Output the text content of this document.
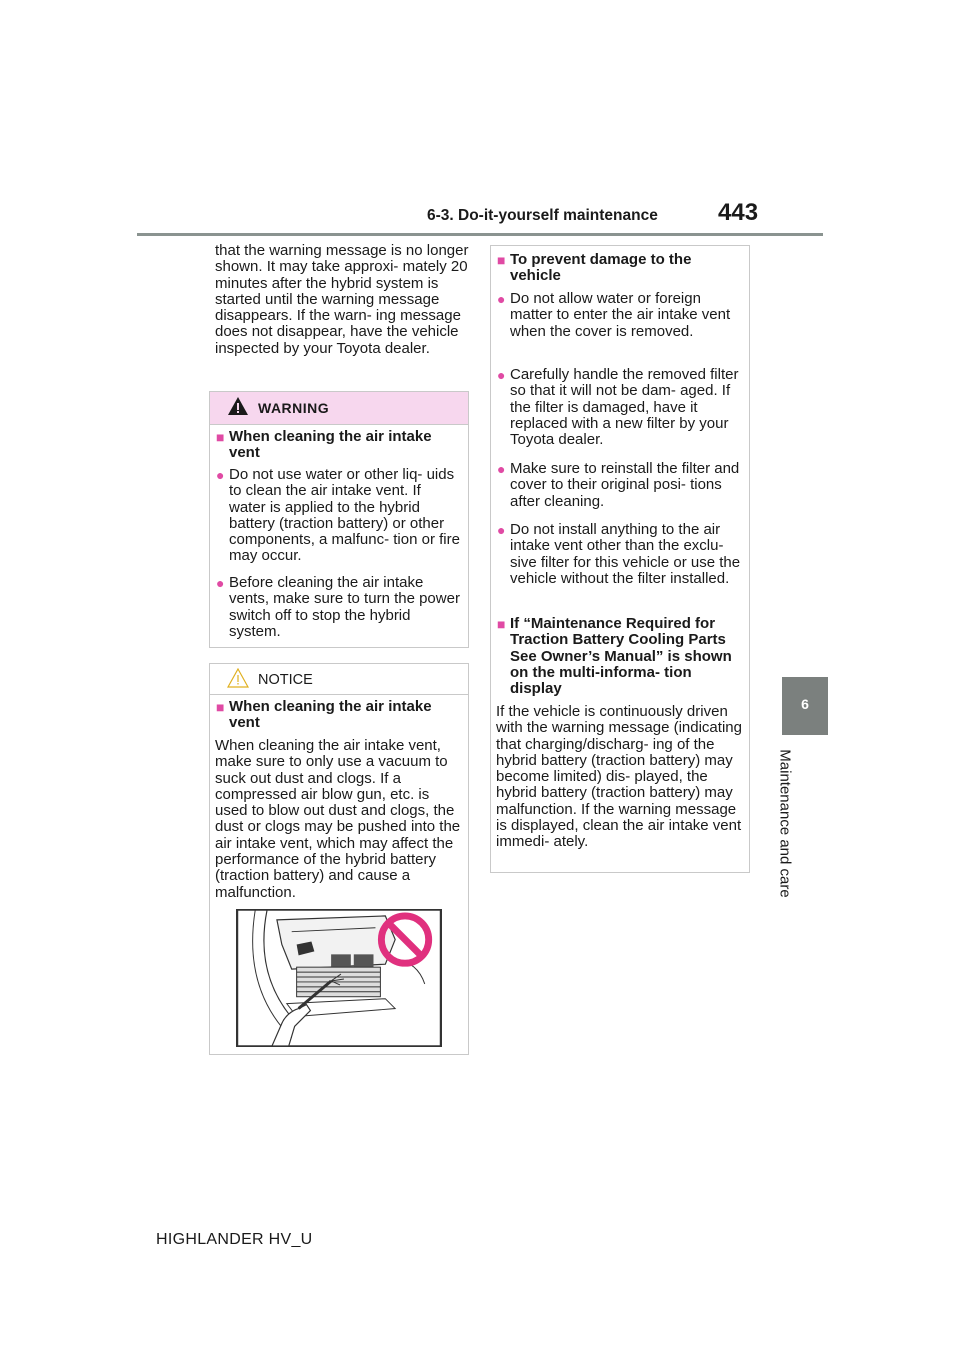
6-3. Do-it-yourself maintenance	443
6
Maintenance and care
that the warning message is no longer shown. It may take approxi- mately 20 minutes after the hybrid system is started until the warning message disappears. If the warn- ing message does not disappear, have the vehicle inspected by your Toyota dealer.
WARNING
■ When cleaning the air intake vent
● Do not use water or other liq- uids to clean the air intake vent. If water is applied to the hybrid battery (traction battery) or other components, a malfunc- tion or fire may occur.
● Before cleaning the air intake vents, make sure to turn the power switch off to stop the hybrid system.
NOTICE
■ When cleaning the air intake vent
When cleaning the air intake vent, make sure to only use a vacuum to suck out dust and clogs. If a compressed air blow gun, etc. is used to blow out dust and clogs, the dust or clogs may be pushed into the air intake vent, which may affect the performance of the hybrid battery (traction battery) and cause a malfunction.
■ To prevent damage to the vehicle
● Do not allow water or foreign matter to enter the air intake vent when the cover is removed.
● Carefully handle the removed filter so that it will not be dam- aged. If the filter is damaged, have it replaced with a new filter by your Toyota dealer.
● Make sure to reinstall the filter and cover to their original posi- tions after cleaning.
● Do not install anything to the air intake vent other than the exclu- sive filter for this vehicle or use the vehicle without the filter installed.
■ If “Maintenance Required for Traction Battery Cooling Parts See Owner’s Manual” is shown on the multi-informa- tion display
If the vehicle is continuously driven with the warning message (indicating that charging/discharg- ing of the hybrid battery (traction battery) may become limited) dis- played, the hybrid battery (traction battery) may malfunction. If the warning message is displayed, clean the air intake vent immedi- ately.
HIGHLANDER HV_U
